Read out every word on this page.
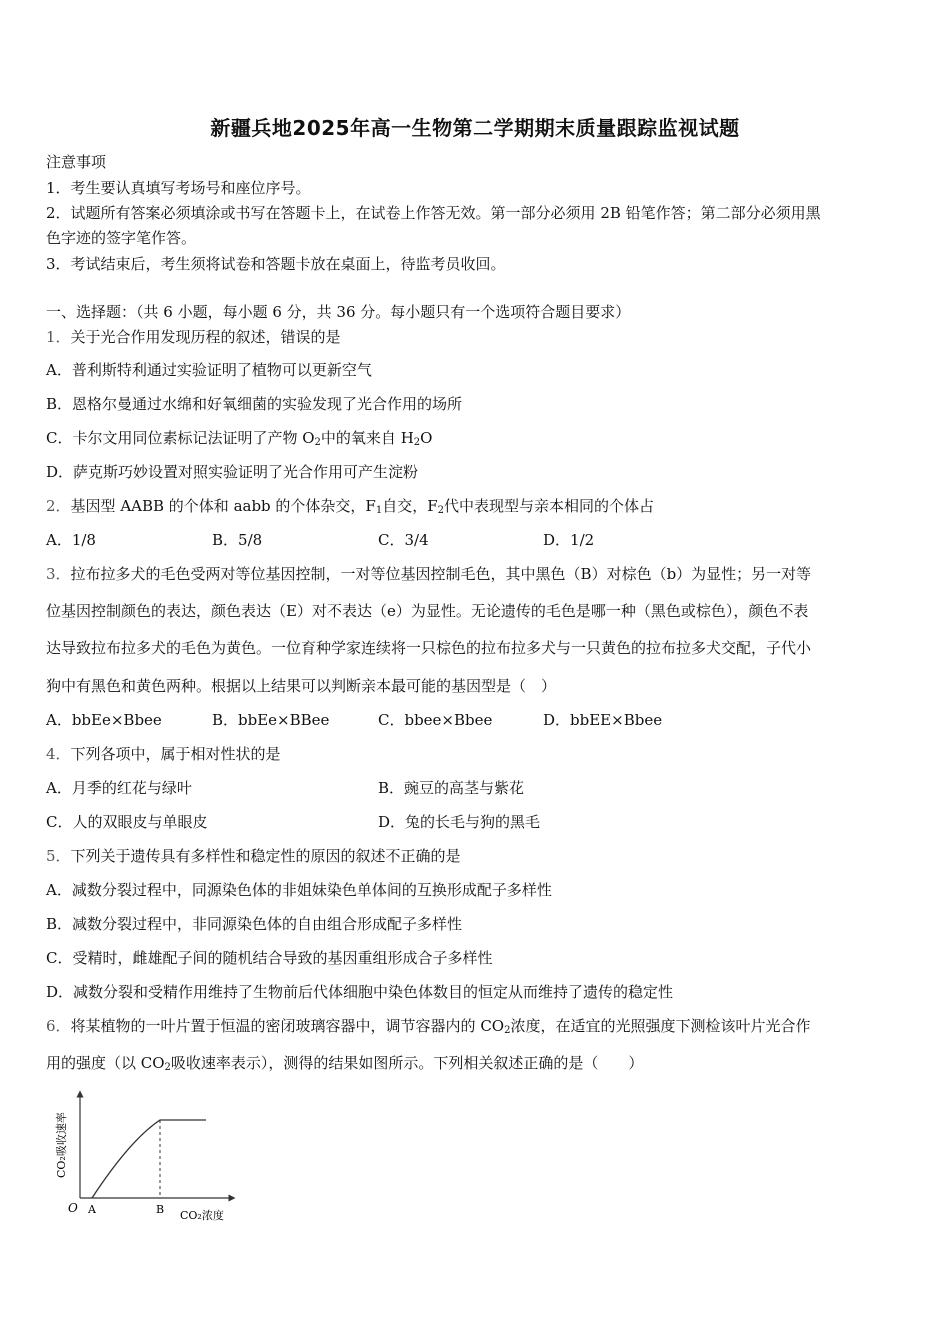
新疆兵地2025年高一生物第二学期期末质量跟踪监视试题
注意事项
1．考生要认真填写考场号和座位序号。
2．试题所有答案必须填涂或书写在答题卡上，在试卷上作答无效。第一部分必须用 2B 铅笔作答；第二部分必须用黑
色字迹的签字笔作答。
3．考试结束后，考生须将试卷和答题卡放在桌面上，待监考员收回。
一、选择题：（共 6 小题，每小题 6 分，共 36 分。每小题只有一个选项符合题目要求）
1．关于光合作用发现历程的叙述，错误的是
A．普利斯特利通过实验证明了植物可以更新空气
B．恩格尔曼通过水绵和好氧细菌的实验发现了光合作用的场所
C．卡尔文用同位素标记法证明了产物 $O_2$中的氧来自 $H_2O$
D．萨克斯巧妙设置对照实验证明了光合作用可产生淀粉
2．基因型 AABB 的个体和 aabb 的个体杂交，$F_1$自交，$F_2$代中表现型与亲本相同的个体占
A．1/8	B．5/8	C．3/4	D．1/2
3．拉布拉多犬的毛色受两对等位基因控制，一对等位基因控制毛色，其中黑色（B）对棕色（b）为显性；另一对等
位基因控制颜色的表达，颜色表达（E）对不表达（e）为显性。无论遗传的毛色是哪一种（黑色或棕色），颜色不表
达导致拉布拉多犬的毛色为黄色。一位育种学家连续将一只棕色的拉布拉多犬与一只黄色的拉布拉多犬交配，子代小
狗中有黑色和黄色两种。根据以上结果可以判断亲本最可能的基因型是（　）
A．bbEe×Bbee	B．bbEe×BBee	C．bbee×Bbee	D．bbEE×Bbee
4．下列各项中，属于相对性状的是
A．月季的红花与绿叶	B．豌豆的高茎与紫花
C．人的双眼皮与单眼皮	D．兔的长毛与狗的黑毛
5．下列关于遗传具有多样性和稳定性的原因的叙述不正确的是
A．减数分裂过程中，同源染色体的非姐妹染色单体间的互换形成配子多样性
B．减数分裂过程中，非同源染色体的自由组合形成配子多样性
C．受精时，雌雄配子间的随机结合导致的基因重组形成合子多样性
D．减数分裂和受精作用维持了生物前后代体细胞中染色体数目的恒定从而维持了遗传的稳定性
6．将某植物的一叶片置于恒温的密闭玻璃容器中，调节容器内的 $CO_2$浓度，在适宜的光照强度下测检该叶片光合作
用的强度（以 $CO_2$吸收速率表示），测得的结果如图所示。下列相关叙述正确的是（　　）
O A	B CO₂浓度
CO₂吸收速率
